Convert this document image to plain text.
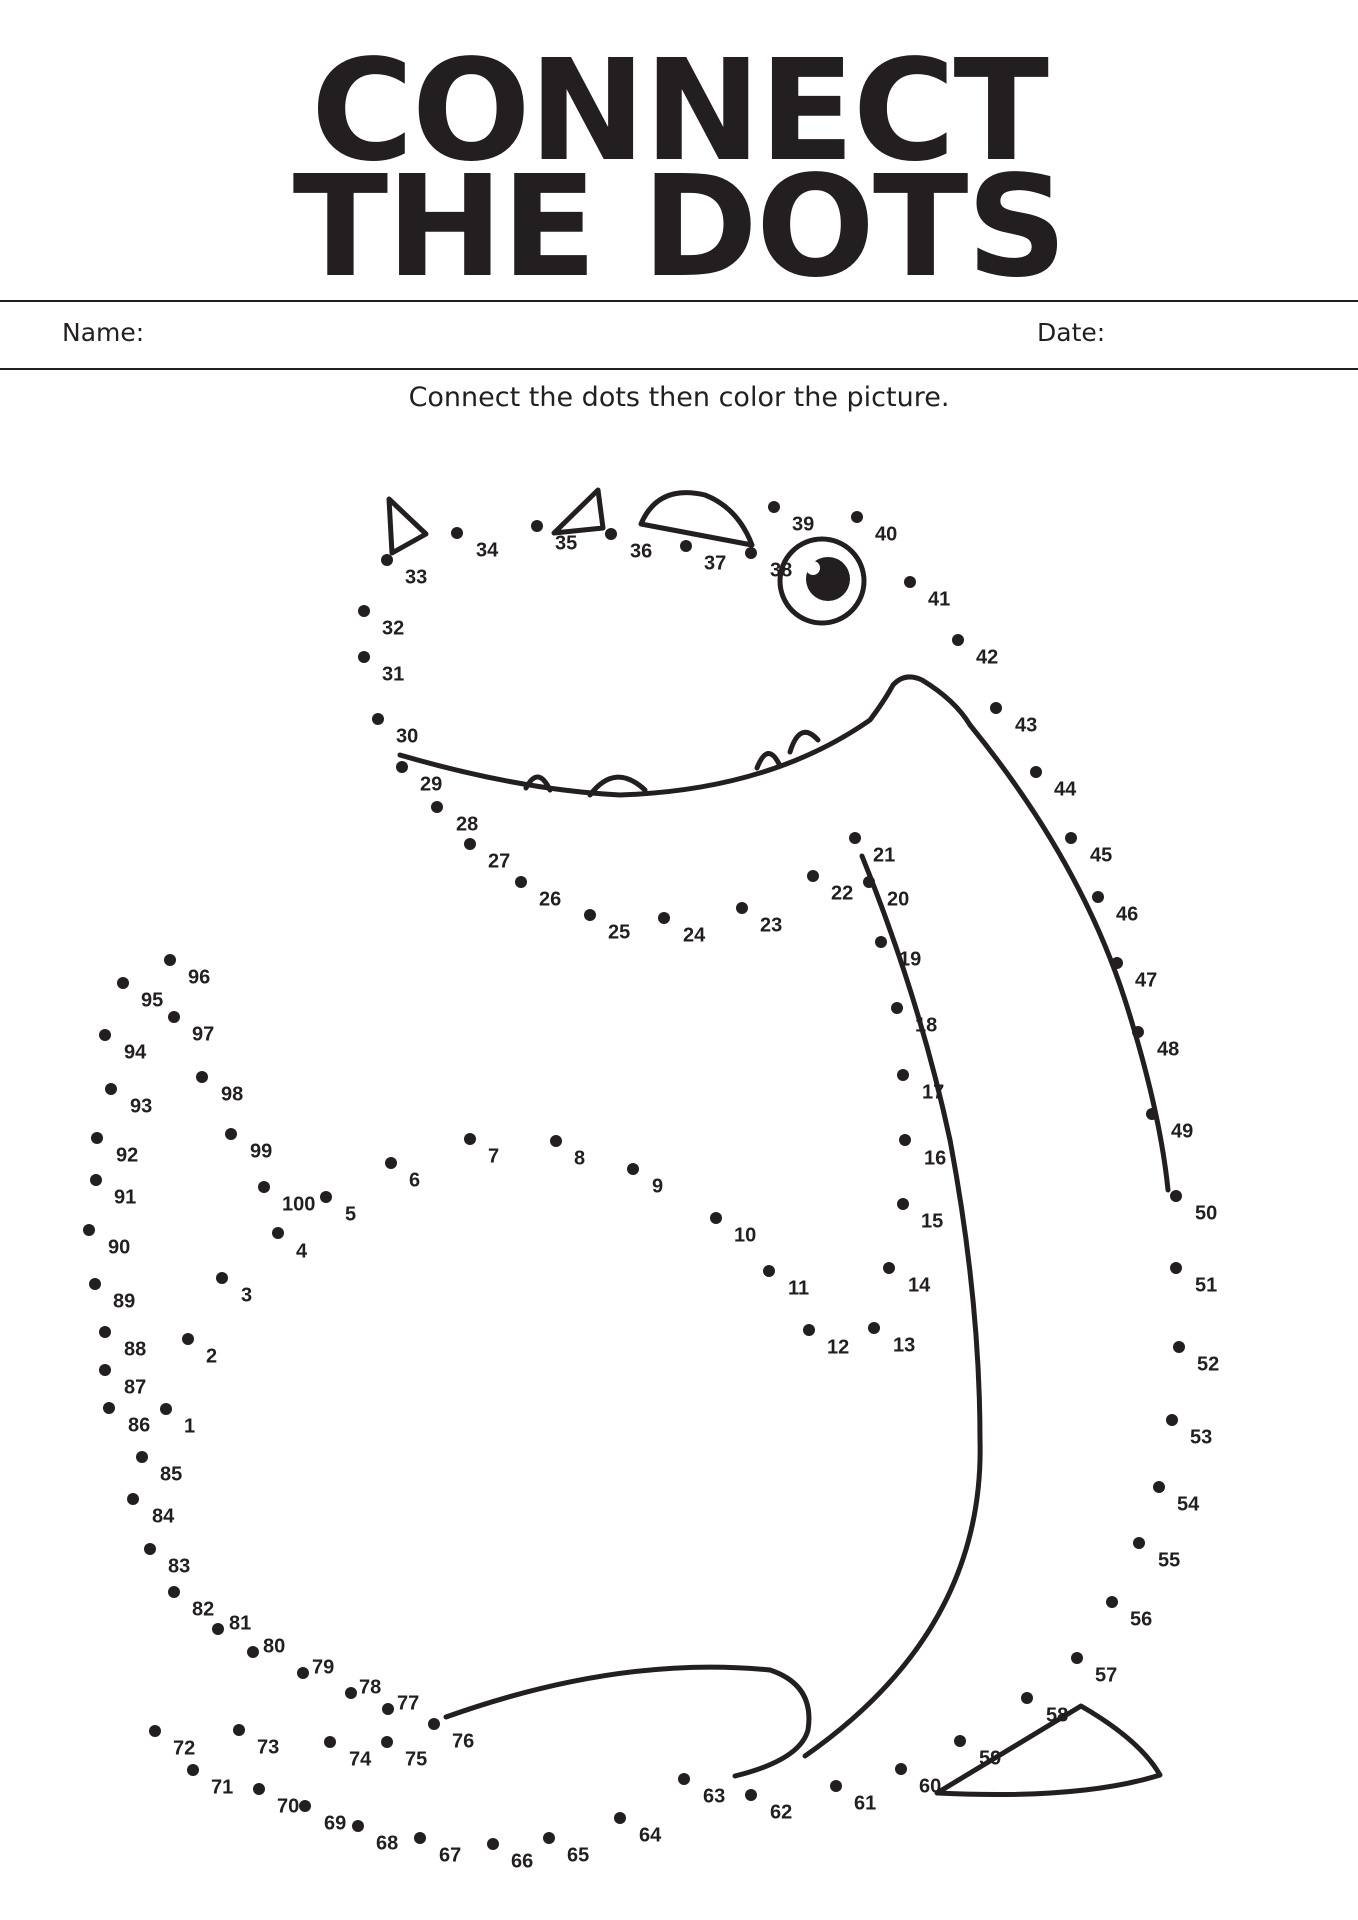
CONNECT
THE DOTS
Name:	Date:
Connect the dots then color the picture.
1
2
3
4
5
6
7	8
9
10
11
12 13
14
15
16
17
18
19
20
21
22
23
24
25
26
27
28
29
30
31
32
33
34	35	36
37 38
39	40
41
42
43
44
45
46
47
48
49
50
51
52
53
54
55
56
57
58
59
60
61
62
63
64
65
66
67
68
69
70
71
72	73
74 75
76
77
78
79
80
81
82
83
84
85
86
87
88
89
90
91
92
93
94
95
96
97
98
99
100
